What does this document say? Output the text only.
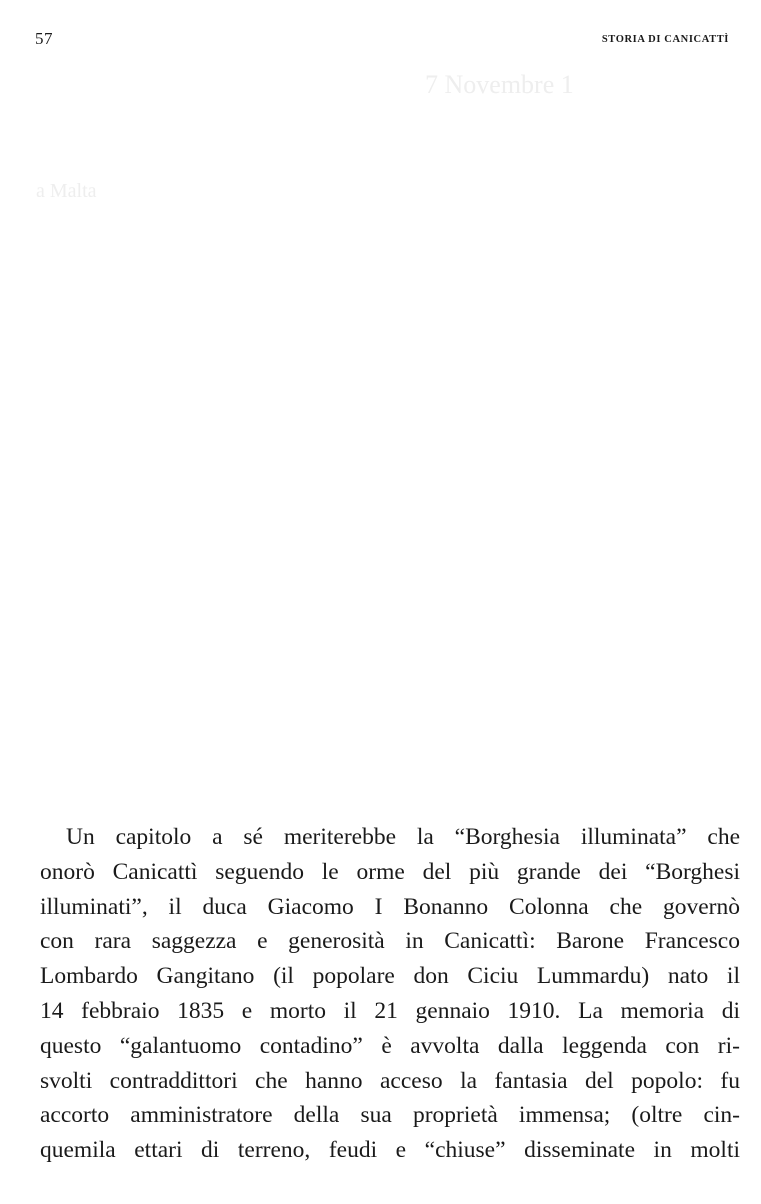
57	STORIA DI CANICATTÌ
7 Novembre 1
a Malta
Un capitolo a sé meriterebbe la “Borghesia illuminata” che
onorò Canicattì seguendo le orme del più grande dei “Borghesi
illuminati”, il duca Giacomo I Bonanno Colonna che governò
con rara saggezza e generosità in Canicattì: Barone Francesco
Lombardo Gangitano (il popolare don Ciciu Lummardu) nato il
14 febbraio 1835 e morto il 21 gennaio 1910. La memoria di
questo “galantuomo contadino” è avvolta dalla leggenda con ri-
svolti contraddittori che hanno acceso la fantasia del popolo: fu
accorto amministratore della sua proprietà immensa; (oltre cin-
quemila ettari di terreno, feudi e “chiuse” disseminate in molti
